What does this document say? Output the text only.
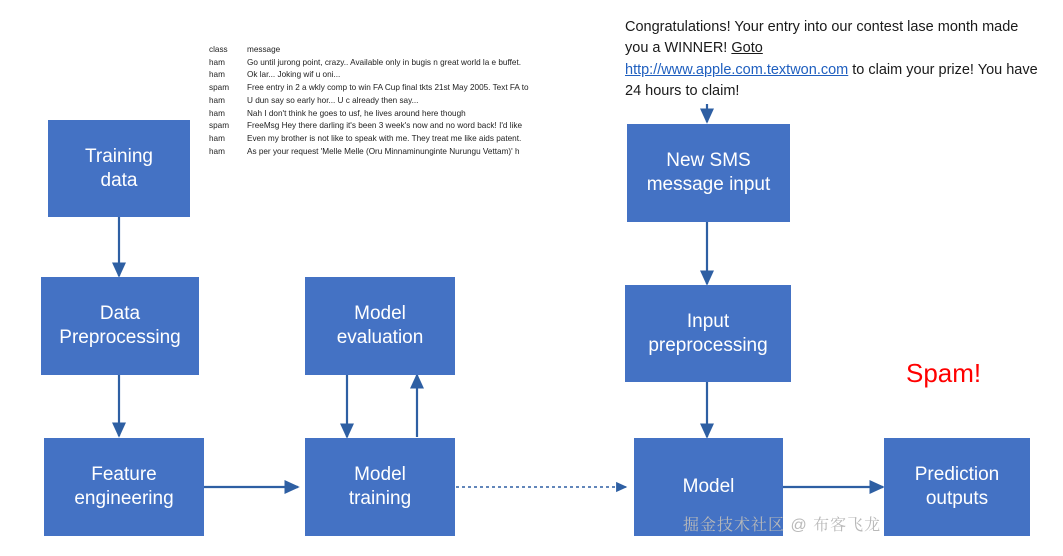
Training
data
Data
Preprocessing
Feature
engineering
Model
evaluation
Model
training
New SMS
message input
Input
preprocessing
Model
Prediction
outputs
Spam!
Congratulations! Your entry into our contest lase month made you a WINNER! Goto
http://www.apple.com.textwon.com to claim your prize! You have 24 hours to claim!
class	message
ham	Go until jurong point, crazy.. Available only in bugis n great world la e buffet.
ham	Ok lar... Joking wif u oni...
spam	Free entry in 2 a wkly comp to win FA Cup final tkts 21st May 2005. Text FA to
ham	U dun say so early hor... U c already then say...
ham	Nah I don't think he goes to usf, he lives around here though
spam	FreeMsg Hey there darling it's been 3 week's now and no word back! I'd like
ham	Even my brother is not like to speak with me. They treat me like aids patent.
ham	As per your request 'Melle Melle (Oru Minnaminunginte Nurungu Vettam)' h
掘金技术社区 @ 布客飞龙
